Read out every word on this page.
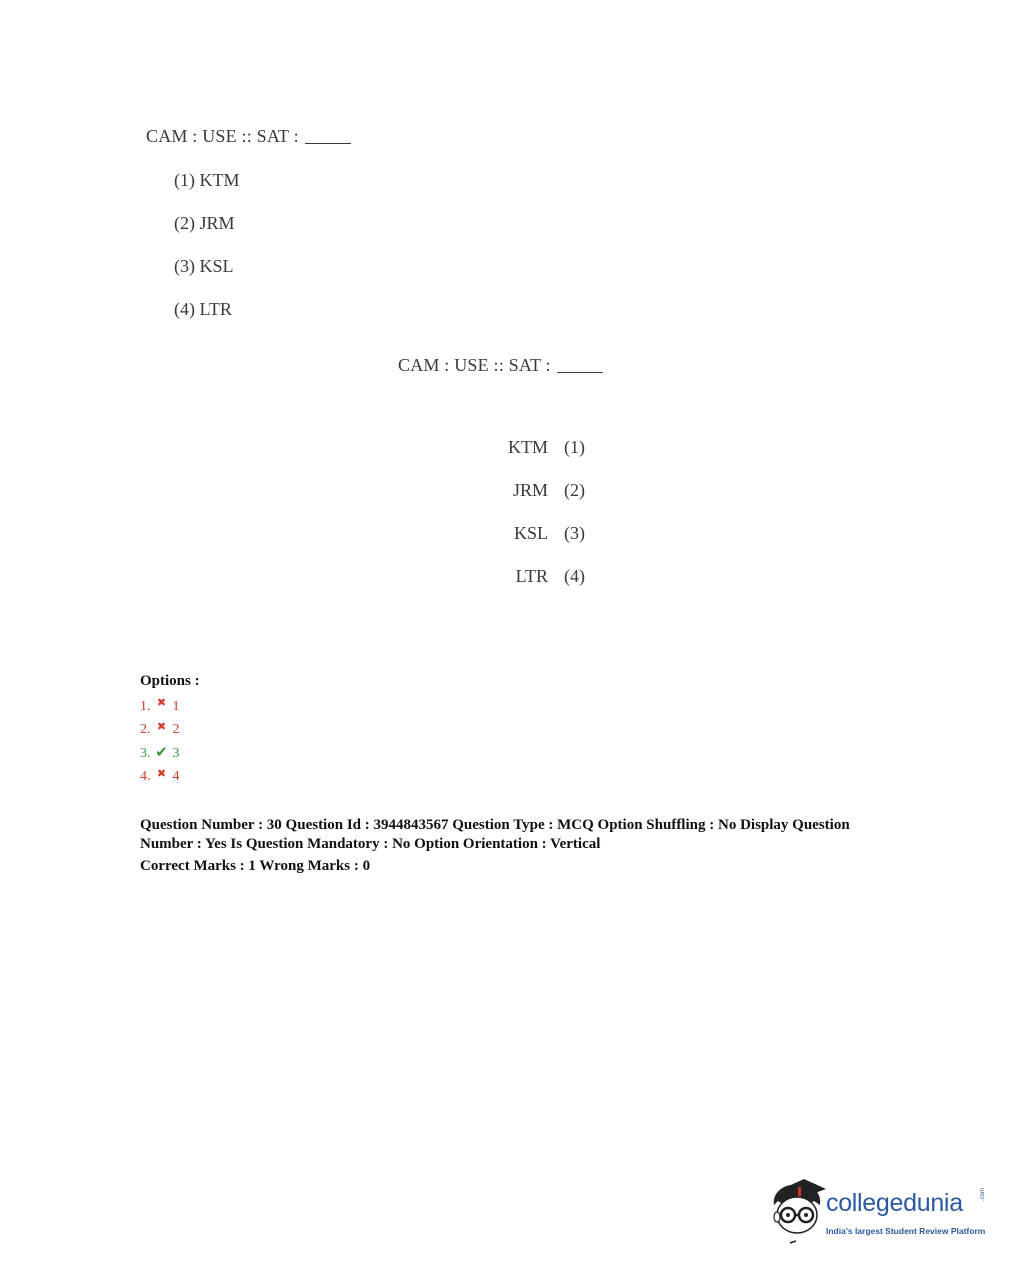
CAM : USE :: SAT :
(1) KTM
(2) JRM
(3) KSL
(4) LTR
CAM : USE :: SAT :
KTM (1)
JRM (2)
KSL (3)
LTR (4)
Options :
1. ✖ 1
2. ✖ 2
3. ✔ 3
4. ✖ 4
Question Number : 30 Question Id : 3944843567 Question Type : MCQ Option Shuffling : No Display Question Number : Yes Is Question Mandatory : No Option Orientation : Vertical
Correct Marks : 1 Wrong Marks : 0
collegedunia	.com
India's largest Student Review Platform
